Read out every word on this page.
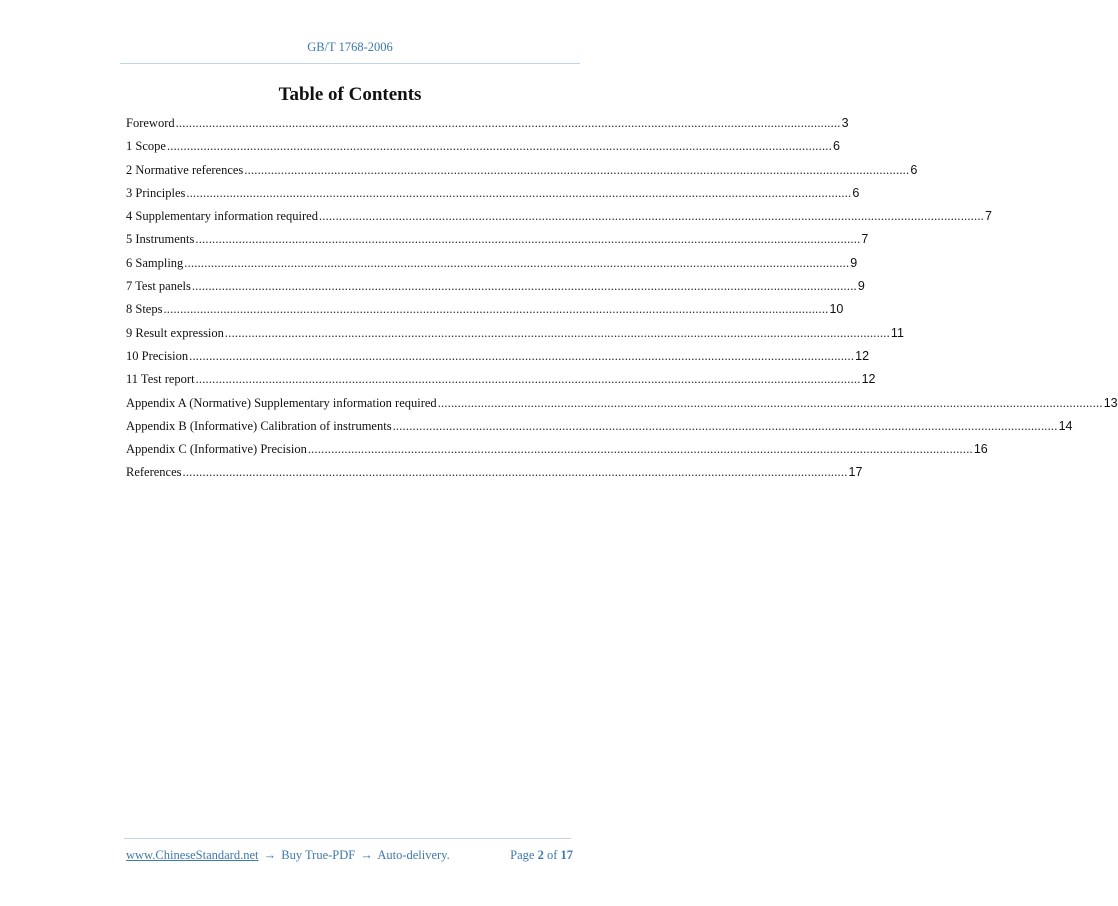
GB/T 1768-2006
Table of Contents
Foreword ........................................................................................................................................................................................................ 3
1 Scope ........................................................................................................................................................................................................ 6
2 Normative references ........................................................................................................................................................................................................ 6
3 Principles ........................................................................................................................................................................................................ 6
4 Supplementary information required ........................................................................................................................................................................................................ 7
5 Instruments ........................................................................................................................................................................................................ 7
6 Sampling ........................................................................................................................................................................................................ 9
7 Test panels ........................................................................................................................................................................................................ 9
8 Steps ........................................................................................................................................................................................................ 10
9 Result expression ........................................................................................................................................................................................................ 11
10 Precision ........................................................................................................................................................................................................ 12
11 Test report ........................................................................................................................................................................................................ 12
Appendix A (Normative) Supplementary information required ........................................................................................................................................................................................................ 13
Appendix B (Informative) Calibration of instruments ........................................................................................................................................................................................................ 14
Appendix C (Informative) Precision ........................................................................................................................................................................................................ 16
References ........................................................................................................................................................................................................ 17
www.ChineseStandard.net → Buy True-PDF → Auto-delivery.	Page 2 of 17
